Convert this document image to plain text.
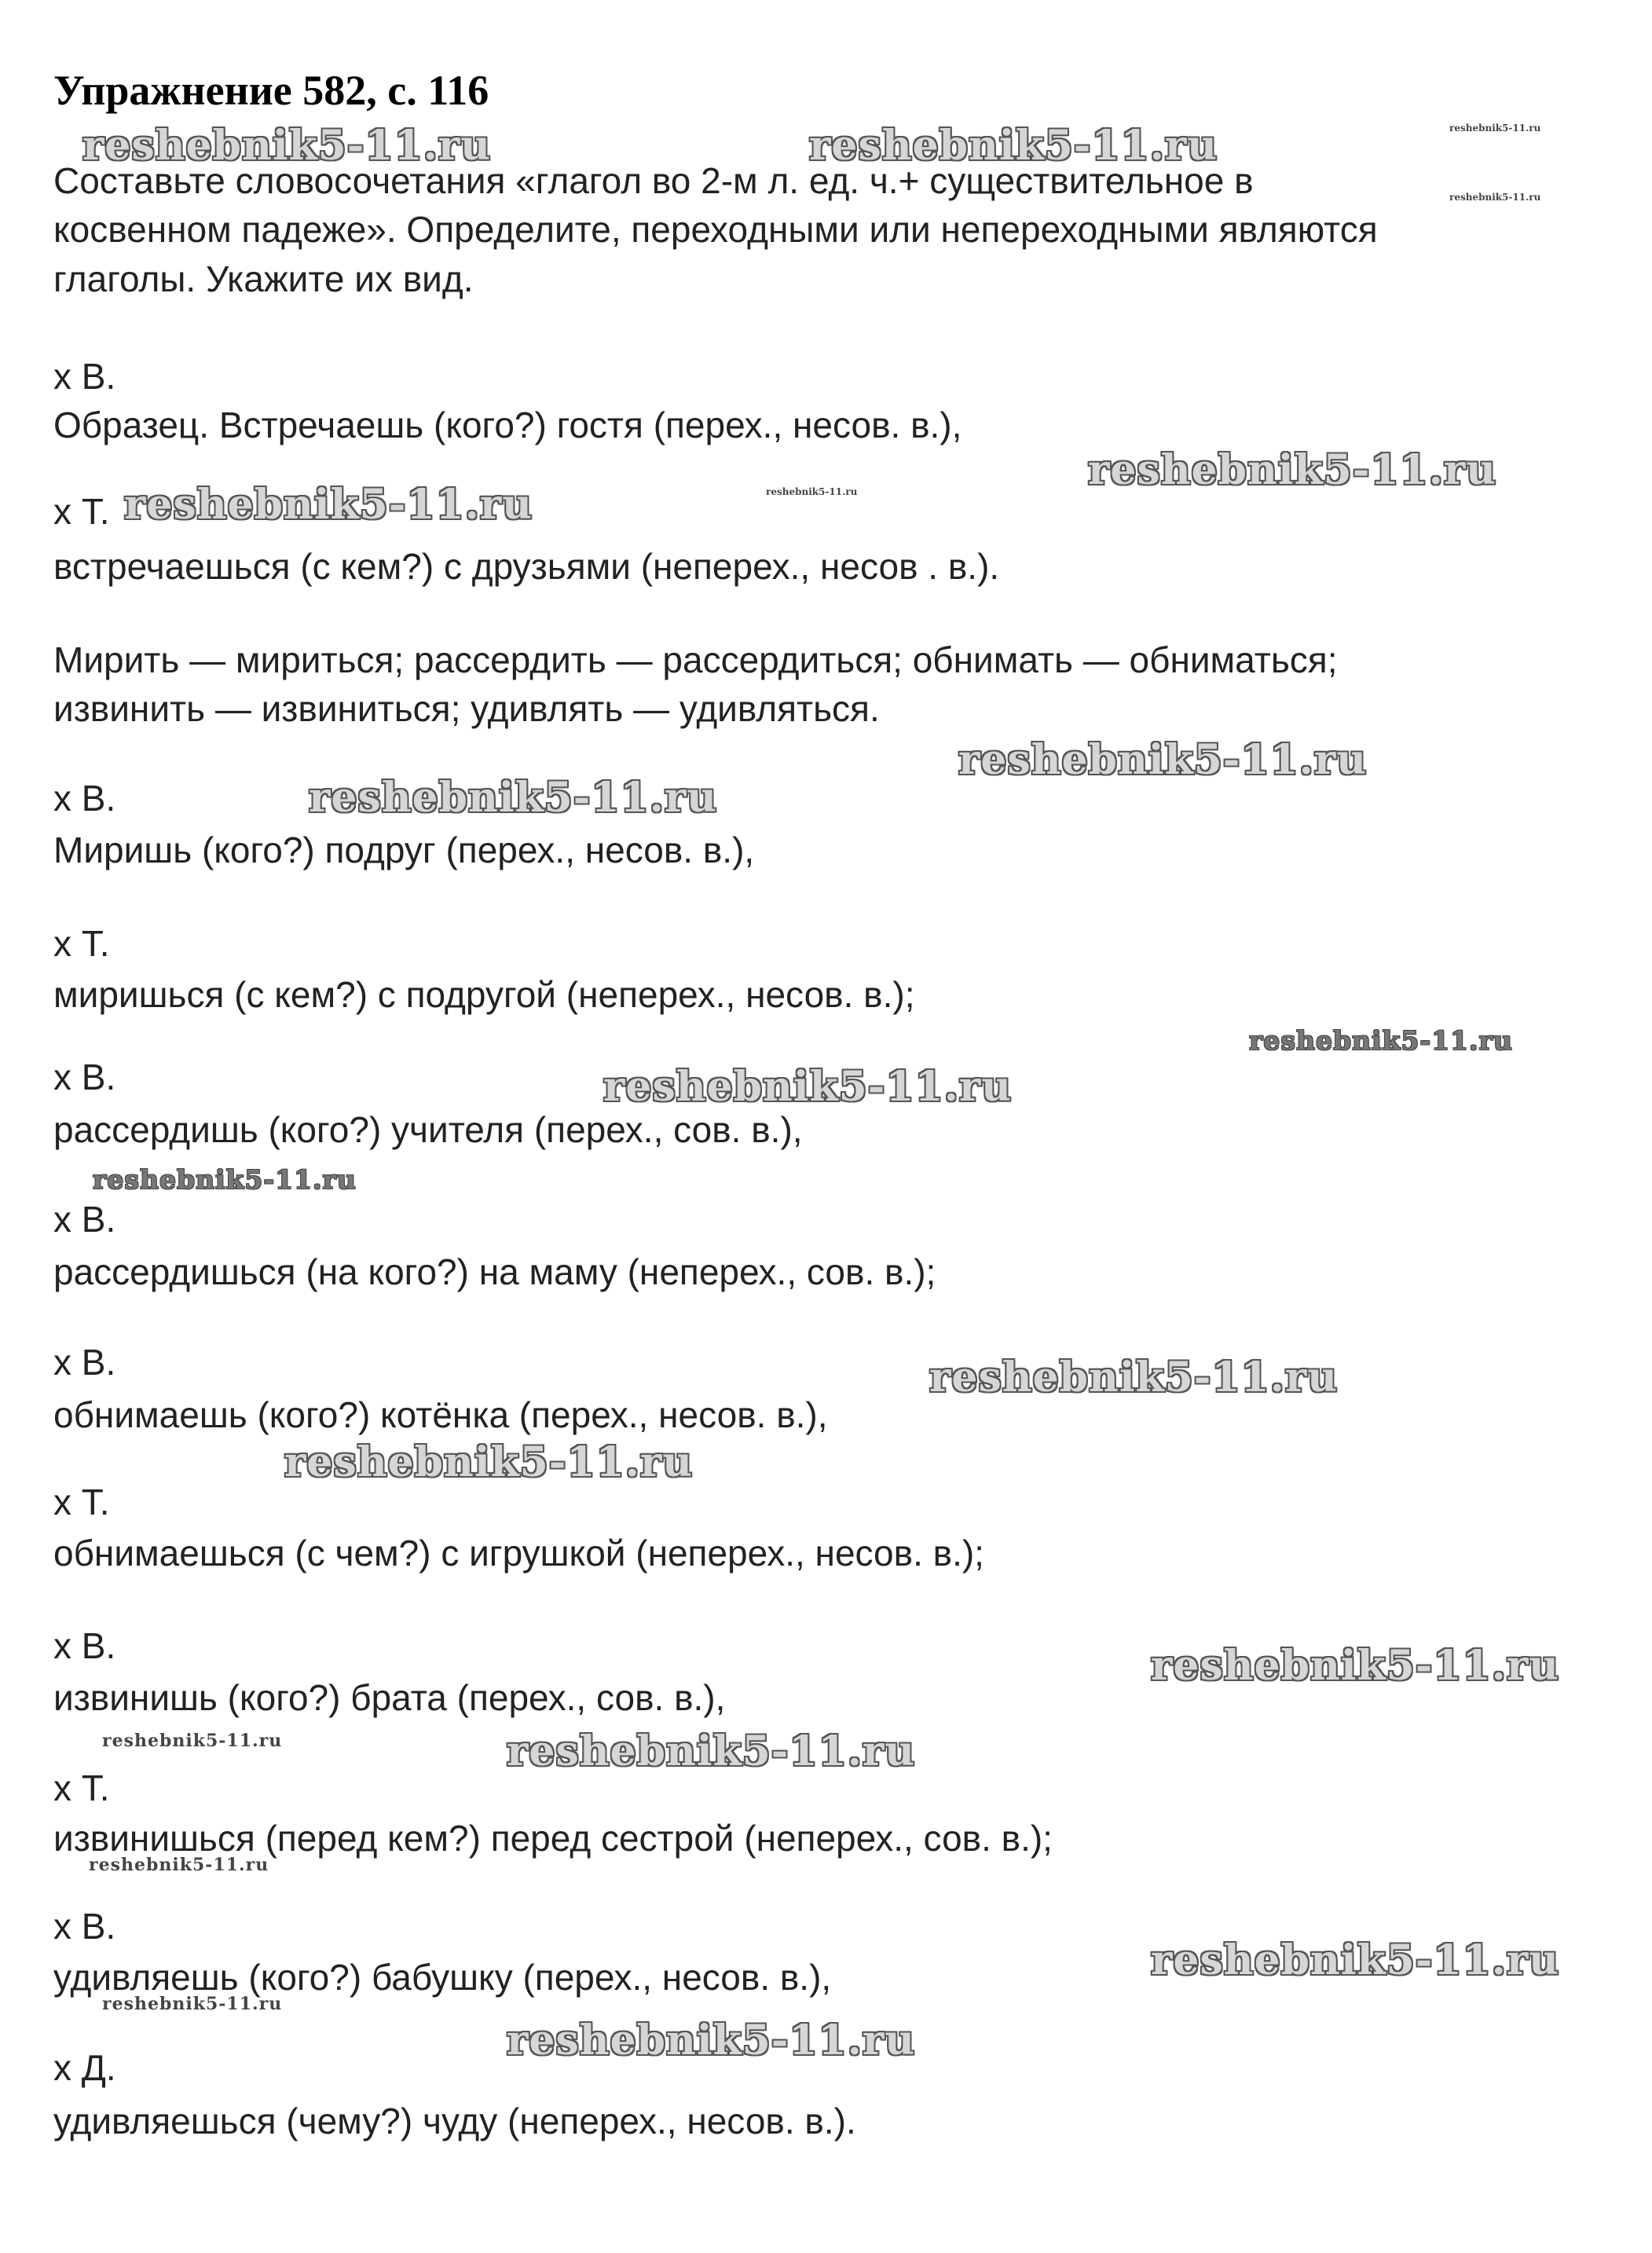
Упражнение 582, с. 116
Составьте словосочетания «глагол во 2-м л. ед. ч.+ существительное в
косвенном падеже». Определите, переходными или непереходными являются
глаголы. Укажите их вид.
х В.
Образец. Встречаешь (кого?) гостя (перех., несов. в.),
х Т.
встречаешься (с кем?) с друзьями (неперех., несов . в.).
Мирить — мириться; рассердить — рассердиться; обнимать — обниматься;
извинить — извиниться; удивлять — удивляться.
х В.
Миришь (кого?) подруг (перех., несов. в.),
х Т.
миришься (с кем?) с подругой (неперех., несов. в.);
х В.
рассердишь (кого?) учителя (перех., сов. в.),
х В.
рассердишься (на кого?) на маму (неперех., сов. в.);
х В.
обнимаешь (кого?) котёнка (перех., несов. в.),
х Т.
обнимаешься (с чем?) с игрушкой (неперех., несов. в.);
х В.
извинишь (кого?) брата (перех., сов. в.),
х Т.
извинишься (перед кем?) перед сестрой (неперех., сов. в.);
х В.
удивляешь (кого?) бабушку (перех., несов. в.),
х Д.
удивляешься (чему?) чуду (неперех., несов. в.).
reshebnik5-11.ru	reshebnik5-11.ru	reshebnik5-11.ru
reshebnik5-11.ru
reshebnik5-11.ru
reshebnik5-11.ru	reshebnik5-11.ru
reshebnik5-11.ru
reshebnik5-11.ru
reshebnik5-11.ru
reshebnik5-11.ru
reshebnik5-11.ru
reshebnik5-11.ru
reshebnik5-11.ru
reshebnik5-11.ru
reshebnik5-11.ru	reshebnik5-11.ru
reshebnik5-11.ru
reshebnik5-11.ru
reshebnik5-11.ru
reshebnik5-11.ru
